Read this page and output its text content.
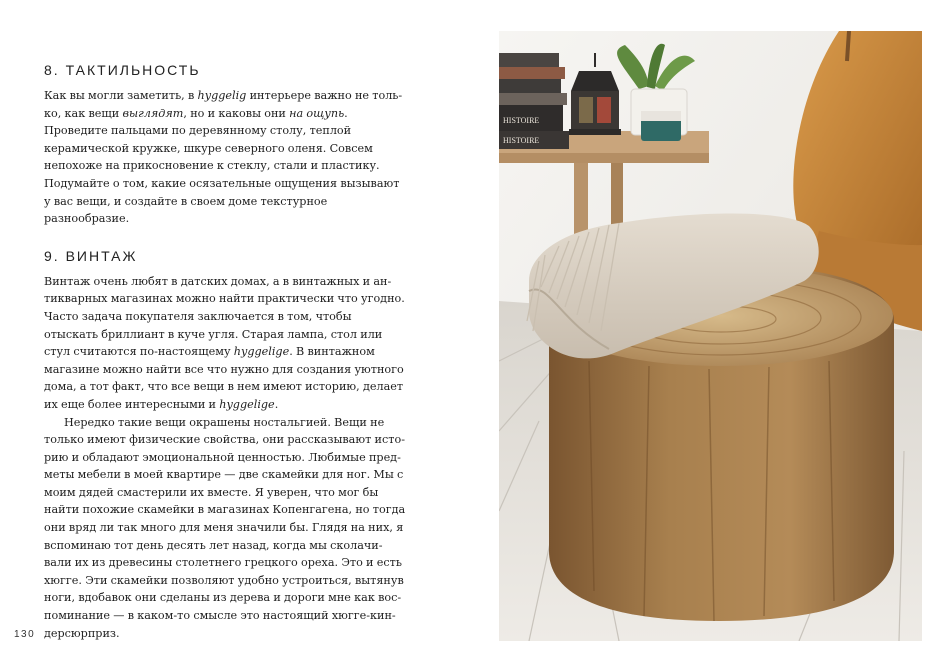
8. ТАКТИЛЬНОСТЬ

Как вы могли заметить, в hyggelig интерьере важно не только, как вещи выглядят, но и каковы они на ощупь. Проведите пальцами по деревянному столу, теплой керамической кружке, шкуре северного оленя. Совсем непохоже на прикосновение к стеклу, стали и пластику. Подумайте о том, какие осязательные ощущения вызывают у вас вещи, и создайте в своем доме текстурное разнообразие.

9. ВИНТАЖ

Винтаж очень любят в датских домах, а в винтажных и антикварных магазинах можно найти практически что угодно. Часто задача покупателя заключается в том, чтобы отыскать бриллиант в куче угля. Старая лампа, стол или стул считаются по-настоящему hyggelige. В винтажном магазине можно найти все что нужно для создания уютного дома, а тот факт, что все вещи в нем имеют историю, делает их еще более интересными и hyggelige.

Нередко такие вещи окрашены ностальгией. Вещи не только имеют физические свойства, они рассказывают историю и обладают эмоциональной ценностью. Любимые предметы мебели в моей квартире — две скамейки для ног. Мы с моим дядей смастерили их вместе. Я уверен, что мог бы найти похожие скамейки в магазинах Копенгагена, но тогда они вряд ли так много для меня значили бы. Глядя на них, я вспоминаю тот день десять лет назад, когда мы сколачивали их из древесины столетнего грецкого ореха. Это и есть хюгге. Эти скамейки позволяют удобно устроиться, вытянув ноги, вдобавок они сделаны из дерева и дороги мне как воспоминание — в каком-то смысле это настоящий хюгге-киндерсюрприз.

130
HISTOIRE
HISTOIRE
